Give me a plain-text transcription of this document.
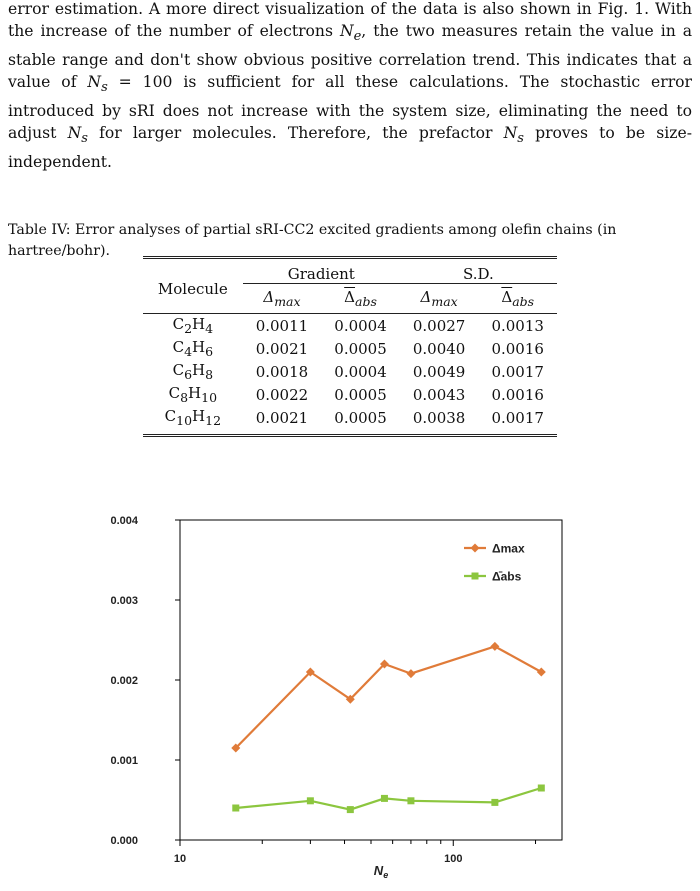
error estimation. A more direct visualization of the data is also shown in Fig. 1. With the increase of the number of electrons $N_e$, the two measures retain the value in a stable range and don't show obvious positive correlation trend. This indicates that a value of $N_s = 100$ is sufficient for all these calculations. The stochastic error introduced by sRI does not increase with the system size, eliminating the need to adjust $N_s$ for larger molecules. Therefore, the prefactor $N_s$ proves to be size-independent.
Table IV: Error analyses of partial sRI-CC2 excited gradients among olefin chains (in hartree/bohr).
Molecule	Gradient		S.D.	
	$\Delta_{max}$	$\overline{\Delta}_{abs}$	$\Delta_{max}$	$\overline{\Delta}_{abs}$
$C_2H_4$	0.0011	0.0004	0.0027	0.0013
$C_4H_6$	0.0021	0.0005	0.0040	0.0016
$C_6H_8$	0.0018	0.0004	0.0049	0.0017
$C_8H_{10}$	0.0022	0.0005	0.0043	0.0016
$C_{10}H_{12}$	0.0021	0.0005	0.0038	0.0017
0.000
0.001
0.002
0.003
0.004
10	100
$N_e$
Δmax
Δ̄abs
